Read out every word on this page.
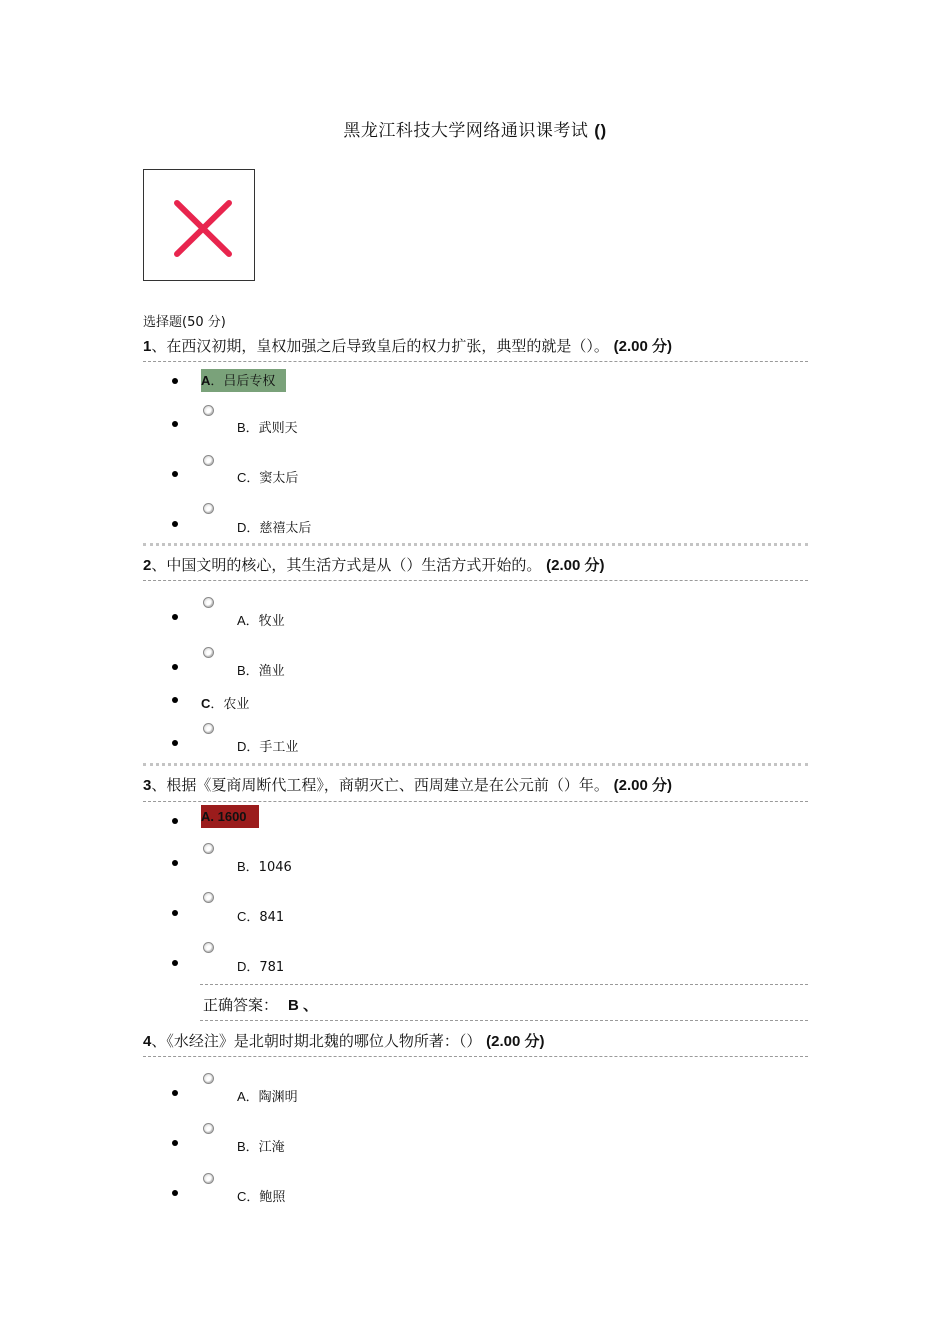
黑龙江科技大学网络通识课考试 ()
选择题(50 分)
1、在西汉初期，皇权加强之后导致皇后的权力扩张，典型的就是（）。 (2.00 分)
A．吕后专权
B．武则天
C．窦太后
D．慈禧太后
2、中国文明的核心，其生活方式是从（）生活方式开始的。 (2.00 分)
A．牧业
B．渔业
C．农业
D．手工业
3、根据《夏商周断代工程》，商朝灭亡、西周建立是在公元前（）年。 (2.00 分)
A. 1600
B．1046
C．841
D．781
正确答案： B 、
4、《水经注》是北朝时期北魏的哪位人物所著：（） (2.00 分)
A．陶渊明
B．江淹
C．鲍照
